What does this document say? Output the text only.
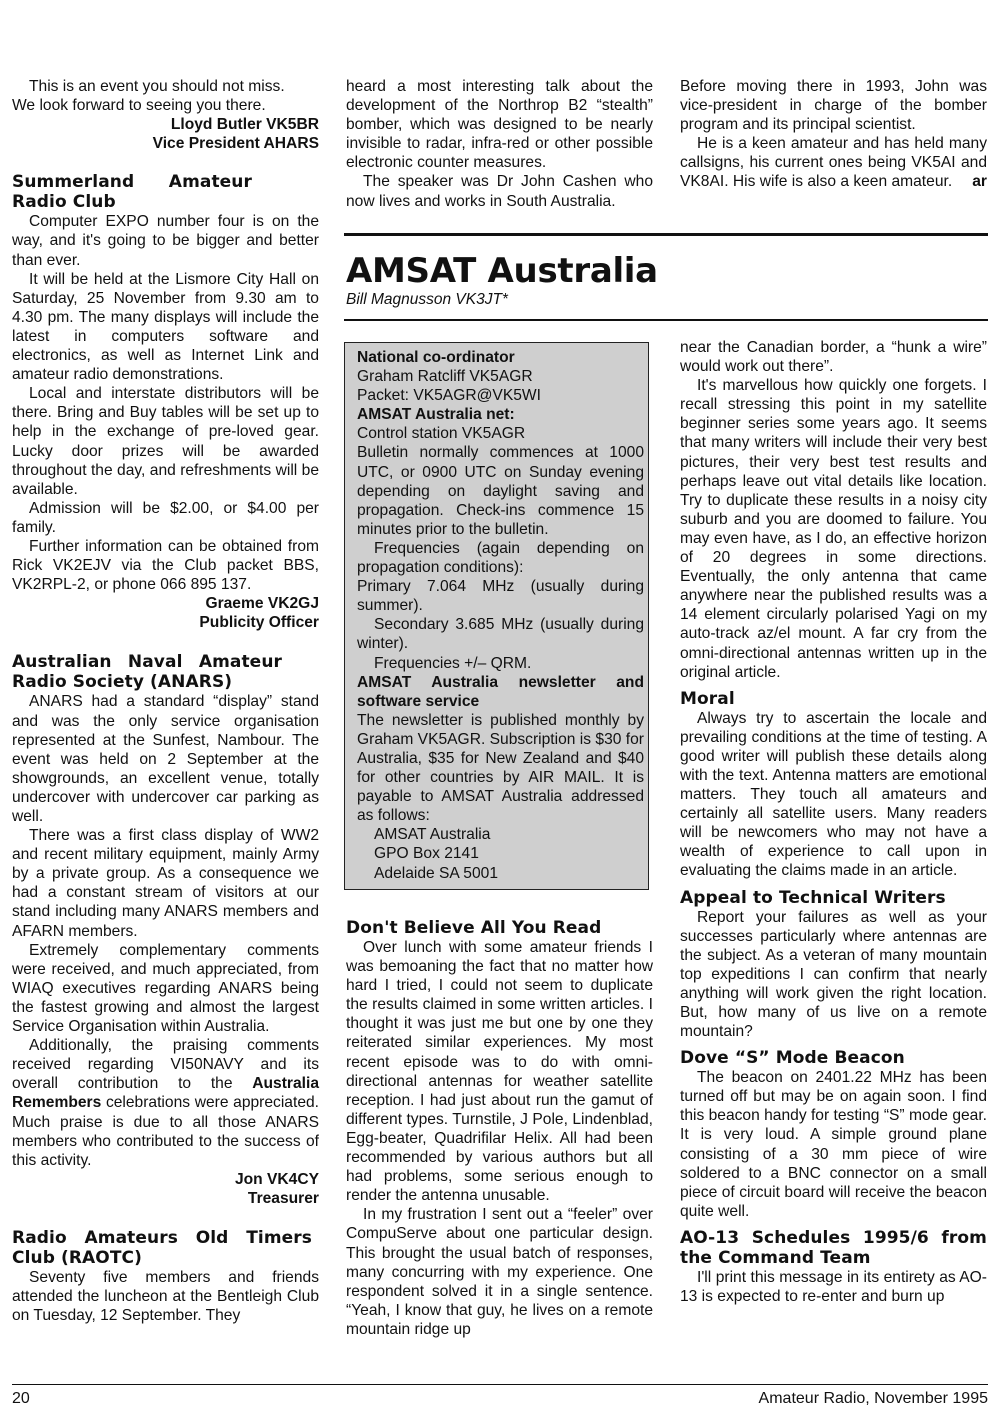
This is an event you should not miss.
We look forward to seeing you there.
Lloyd Butler VK5BR
Vice President AHARS
Summerland Amateur Radio Club

Computer EXPO number four is on the way, and it's going to be bigger and better than ever.

It will be held at the Lismore City Hall on Saturday, 25 November from 9.30 am to 4.30 pm. The many displays will include the latest in computers software and electronics, as well as Internet Link and amateur radio demonstrations.

Local and interstate distributors will be there. Bring and Buy tables will be set up to help in the exchange of pre-loved gear. Lucky door prizes will be awarded throughout the day, and refreshments will be available.

Admission will be $2.00, or $4.00 per family.

Further information can be obtained from Rick VK2EJV via the Club packet BBS, VK2RPL-2, or phone 066 895 137.

Graeme VK2GJ
Publicity Officer
Australian Naval Amateur Radio Society (ANARS)

ANARS had a standard “display” stand and was the only service organisation represented at the Sunfest, Nambour. The event was held on 2 September at the showgrounds, an excellent venue, totally undercover with undercover car parking as well.

There was a first class display of WW2 and recent military equipment, mainly Army by a private group. As a consequence we had a constant stream of visitors at our stand including many ANARS members and AFARN members.

Extremely complementary comments were received, and much appreciated, from WIAQ executives regarding ANARS being the fastest growing and almost the largest Service Organisation within Australia.

Additionally, the praising comments received regarding VI50NAVY and its overall contribution to the Australia Remembers celebrations were appreciated. Much praise is due to all those ANARS members who contributed to the success of this activity.

Jon VK4CY
Treasurer
Radio Amateurs Old Timers Club (RAOTC)

Seventy five members and friends attended the luncheon at the Bentleigh Club on Tuesday, 12 September. They

heard a most interesting talk about the development of the Northrop B2 “stealth” bomber, which was designed to be nearly invisible to radar, infra-red or other possible electronic counter measures.

The speaker was Dr John Cashen who now lives and works in South Australia.

Before moving there in 1993, John was vice-president in charge of the bomber program and its principal scientist.

He is a keen amateur and has held many callsigns, his current ones being VK5AI and VK8AI. His wife is also a keen amateur.	ar

AMSAT Australia
Bill Magnusson VK3JT*
National co-ordinator
Graham Ratcliff VK5AGR
Packet: VK5AGR@VK5WI
AMSAT Australia net:
Control station VK5AGR

Bulletin normally commences at 1000 UTC, or 0900 UTC on Sunday evening depending on daylight saving and propagation. Check-ins commence 15 minutes prior to the bulletin.

Frequencies (again depending on propagation conditions):

Primary 7.064 MHz (usually during summer).

Secondary 3.685 MHz (usually during winter).

Frequencies +/– QRM.

AMSAT Australia newsletter and software service

The newsletter is published monthly by Graham VK5AGR. Subscription is $30 for Australia, $35 for New Zealand and $40 for other countries by AIR MAIL. It is payable to AMSAT Australia addressed as follows:

AMSAT Australia
GPO Box 2141
Adelaide SA 5001
Don't Believe All You Read

Over lunch with some amateur friends I was bemoaning the fact that no matter how hard I tried, I could not seem to duplicate the results claimed in some written articles. I thought it was just me but one by one they reiterated similar experiences. My most recent episode was to do with omni-directional antennas for weather satellite reception. I had just about run the gamut of different types. Turnstile, J Pole, Lindenblad, Egg-beater, Quadrifilar Helix. All had been recommended by various authors but all had problems, some serious enough to render the antenna unusable.

In my frustration I sent out a “feeler” over CompuServe about one particular design. This brought the usual batch of responses, many concurring with my experience. One respondent solved it in a single sentence. “Yeah, I know that guy, he lives on a remote mountain ridge up

near the Canadian border, a “hunk a wire” would work out there”.

It's marvellous how quickly one forgets. I recall stressing this point in my satellite beginner series some years ago. It seems that many writers will include their very best pictures, their very best test results and perhaps leave out vital details like location. Try to duplicate these results in a noisy city suburb and you are doomed to failure. You may even have, as I do, an effective horizon of 20 degrees in some directions. Eventually, the only antenna that came anywhere near the published results was a 14 element circularly polarised Yagi on my auto-track az/el mount. A far cry from the omni-directional antennas written up in the original article.

Moral

Always try to ascertain the locale and prevailing conditions at the time of testing. A good writer will publish these details along with the text. Antenna matters are emotional matters. They touch all amateurs and certainly all satellite users. Many readers will be newcomers who may not have a wealth of experience to call upon in evaluating the claims made in an article.

Appeal to Technical Writers

Report your failures as well as your successes particularly where antennas are the subject. As a veteran of many mountain top expeditions I can confirm that nearly anything will work given the right location. But, how many of us live on a remote mountain?

Dove “S” Mode Beacon

The beacon on 2401.22 MHz has been turned off but may be on again soon. I find this beacon handy for testing “S” mode gear. It is very loud. A simple ground plane consisting of a 30 mm piece of wire soldered to a BNC connector on a small piece of circuit board will receive the beacon quite well.

AO-13 Schedules 1995/6 from the Command Team

I'll print this message in its entirety as AO-13 is expected to re-enter and burn up

20	Amateur Radio, November 1995
